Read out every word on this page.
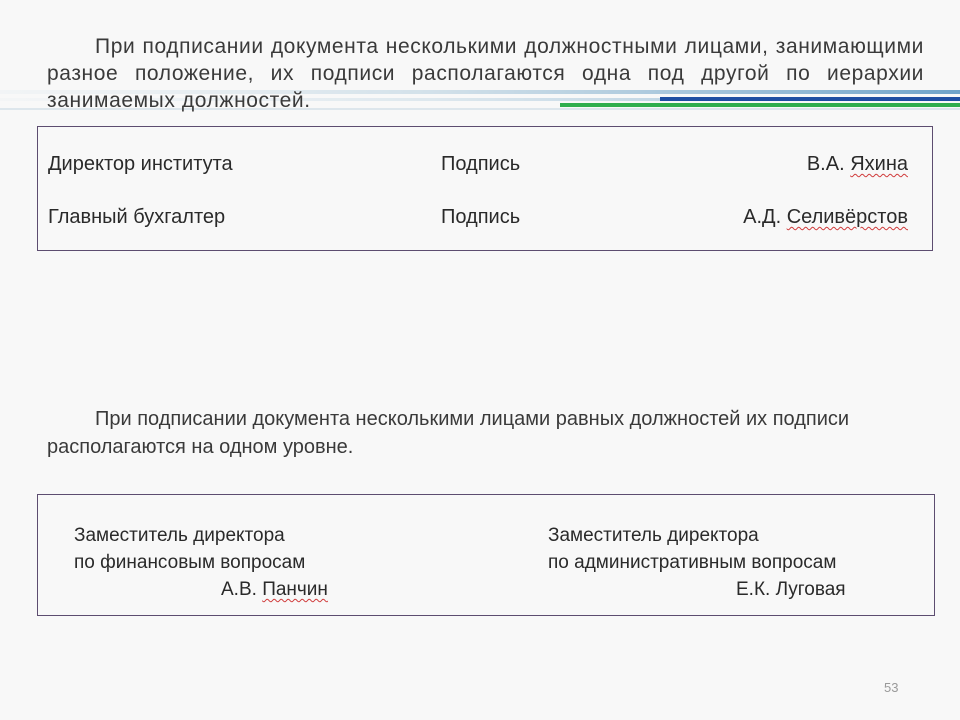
При подписании документа несколькими должностными лицами, занимающими разное положение, их подписи располагаются одна под другой по иерархии занимаемых должностей.

Директор института	Подпись	В.А. Яхина
Главный бухгалтер	Подпись	А.Д. Селивёрстов

При подписании документа несколькими лицами равных должностей их подписи располагаются на одном уровне.

Заместитель директора
по финансовым вопросам
А.В. Панчин
Заместитель директора
по административным вопросам
Е.К. Луговая
53
